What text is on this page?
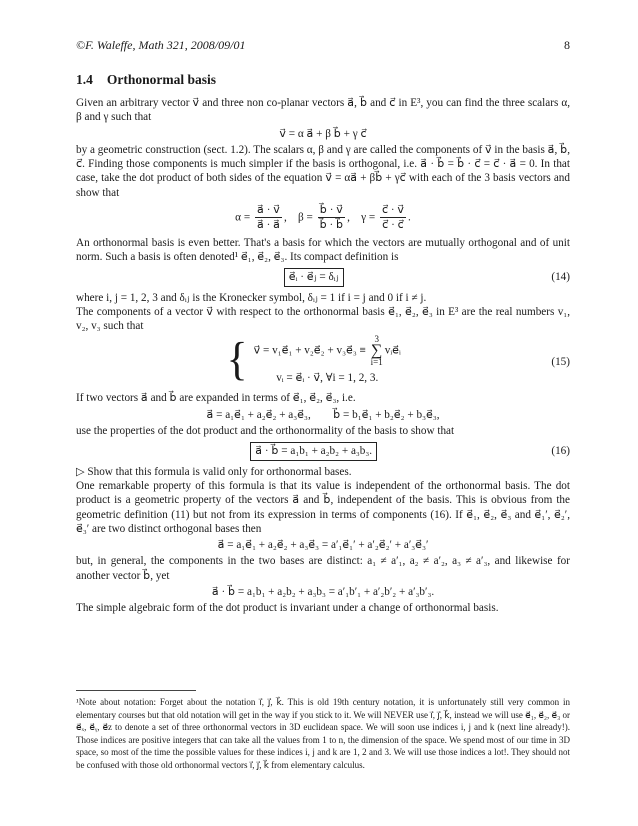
©F. Waleffe, Math 321, 2008/09/01	8
1.4 Orthonormal basis

Given an arbitrary vector v⃗ and three non co-planar vectors a⃗, b⃗ and c⃗ in E³, you can find the three scalars α, β and γ such that

v⃗ = α a⃗ + β b⃗ + γ c⃗

by a geometric construction (sect. 1.2). The scalars α, β and γ are called the components of v⃗ in the basis a⃗, b⃗, c⃗. Finding those components is much simpler if the basis is orthogonal, i.e. a⃗ · b⃗ = b⃗ · c⃗ = c⃗ · a⃗ = 0. In that case, take the dot product of both sides of the equation v⃗ = αa⃗ + βb⃗ + γc⃗ with each of the 3 basis vectors and show that

$\alpha = \frac{a⃗ \cdot v⃗}{a⃗ \cdot a⃗}$ ,    $\beta = \frac{b⃗ \cdot v⃗}{b⃗ \cdot b⃗}$ ,    $\gamma = \frac{c⃗ \cdot v⃗}{c⃗ \cdot c⃗}$ .

An orthonormal basis is even better. That's a basis for which the vectors are mutually orthogonal and of unit norm. Such a basis is often denoted¹ e⃗₁, e⃗₂, e⃗₃. Its compact definition is

e⃗ᵢ · e⃗ⱼ = δᵢⱼ	(14)

where i, j = 1, 2, 3 and δᵢⱼ is the Kronecker symbol, δᵢⱼ = 1 if i = j and 0 if i ≠ j.

The components of a vector v⃗ with respect to the orthonormal basis e⃗₁, e⃗₂, e⃗₃ in E³ are the real numbers v₁, v₂, v₃ such that

{ v⃗ = v₁e⃗₁ + v₂e⃗₂ + v₃e⃗₃ ≡
3
∑
i=1
vᵢe⃗ᵢ
vᵢ = e⃗ᵢ · v⃗, ∀i = 1, 2, 3.
(15)

If two vectors a⃗ and b⃗ are expanded in terms of e⃗₁, e⃗₂, e⃗₃, i.e.

a⃗ = a₁e⃗₁ + a₂e⃗₂ + a₃e⃗₃,        b⃗ = b₁e⃗₁ + b₂e⃗₂ + b₃e⃗₃,

use the properties of the dot product and the orthonormality of the basis to show that

a⃗ · b⃗ = a₁b₁ + a₂b₂ + a₃b₃.	(16)

▷ Show that this formula is valid only for orthonormal bases.

One remarkable property of this formula is that its value is independent of the orthonormal basis. The dot product is a geometric property of the vectors a⃗ and b⃗, independent of the basis. This is obvious from the geometric definition (11) but not from its expression in terms of components (16). If e⃗₁, e⃗₂, e⃗₃ and e⃗₁′, e⃗₂′, e⃗₃′ are two distinct orthogonal bases then

a⃗ = a₁e⃗₁ + a₂e⃗₂ + a₃e⃗₃ = a′₁e⃗₁′ + a′₂e⃗₂′ + a′₃e⃗₃′

but, in general, the components in the two bases are distinct: a₁ ≠ a′₁, a₂ ≠ a′₂, a₃ ≠ a′₃, and likewise for another vector b⃗, yet

a⃗ · b⃗ = a₁b₁ + a₂b₂ + a₃b₃ = a′₁b′₁ + a′₂b′₂ + a′₃b′₃.

The simple algebraic form of the dot product is invariant under a change of orthonormal basis.

¹Note about notation: Forget about the notation ı⃗, ȷ⃗, k⃗. This is old 19th century notation, it is unfortunately still very common in elementary courses but that old notation will get in the way if you stick to it. We will NEVER use ı⃗, ȷ⃗, k⃗, instead we will use e⃗₁, e⃗₂, e⃗₃ or e⃗ₓ, e⃗ᵧ, e⃗z to denote a set of three orthonormal vectors in 3D euclidean space. We will soon use indices i, j and k (next line already!). Those indices are positive integers that can take all the values from 1 to n, the dimension of the space. We spend most of our time in 3D space, so most of the time the possible values for these indices i, j and k are 1, 2 and 3. We will use those indices a lot!. They should not be confused with those old orthonormal vectors ı⃗, ȷ⃗, k⃗ from elementary calculus.
